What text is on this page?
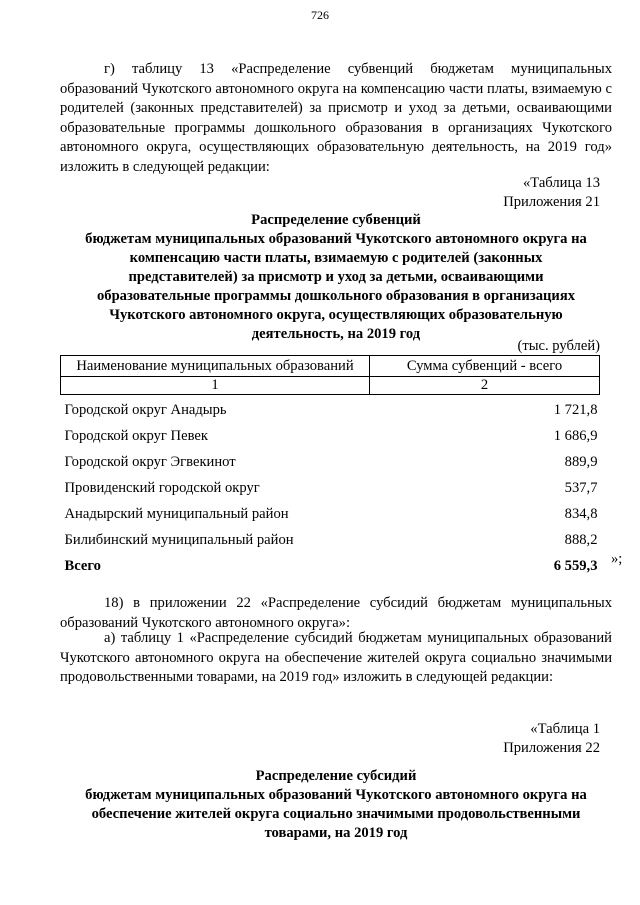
726

г) таблицу 13 «Распределение субвенций бюджетам муниципальных образований Чукотского автономного округа на компенсацию части платы, взимаемую с родителей (законных представителей) за присмотр и уход за детьми, осваивающими образовательные программы дошкольного образования в организациях Чукотского автономного округа, осуществляющих образовательную деятельность, на 2019 год» изложить в следующей редакции:

«Таблица 13
Приложения 21
Распределение субвенций
бюджетам муниципальных образований Чукотского автономного округа на
компенсацию части платы, взимаемую с родителей (законных
представителей) за присмотр и уход за детьми, осваивающими
образовательные программы дошкольного образования в организациях
Чукотского автономного округа, осуществляющих образовательную
деятельность, на 2019 год
(тыс. рублей)
Наименование муниципальных образований	Сумма субвенций - всего
1	2
Городской округ Анадырь	1 721,8
Городской округ Певек	1 686,9
Городской округ Эгвекинот	889,9
Провиденский городской округ	537,7
Анадырский муниципальный район	834,8
Билибинский муниципальный район	888,2
Всего	6 559,3 »;

18) в приложении 22 «Распределение субсидий бюджетам муниципальных образований Чукотского автономного округа»:

а) таблицу 1 «Распределение субсидий бюджетам муниципальных образований Чукотского автономного округа на обеспечение жителей округа социально значимыми продовольственными товарами, на 2019 год» изложить в следующей редакции:

«Таблица 1
Приложения 22
Распределение субсидий
бюджетам муниципальных образований Чукотского автономного округа на
обеспечение жителей округа социально значимыми продовольственными
товарами, на 2019 год
